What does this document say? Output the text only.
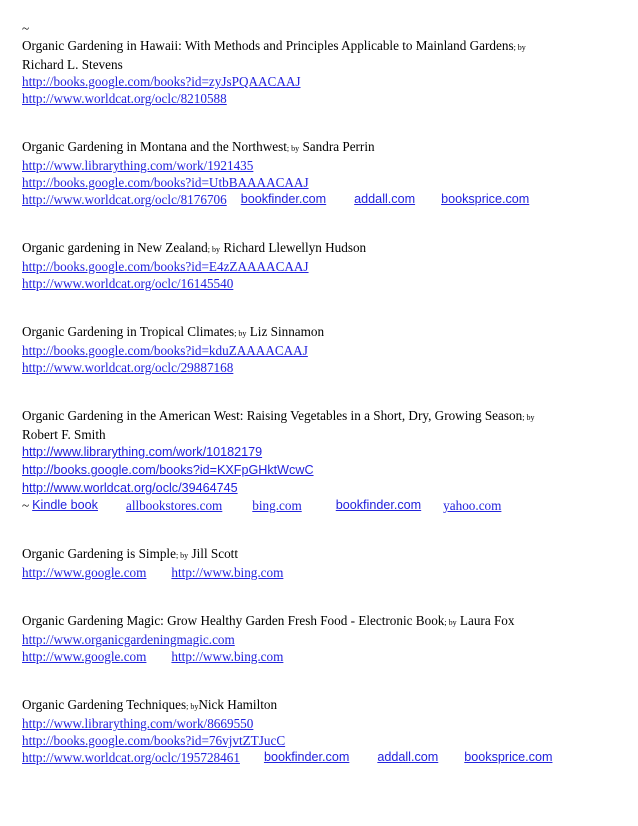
~
Organic Gardening in Hawaii: With Methods and Principles Applicable to Mainland Gardens; by
Richard L. Stevens
http://books.google.com/books?id=zyJsPQAACAAJ
http://www.worldcat.org/oclc/8210588
Organic Gardening in Montana and the Northwest; by Sandra Perrin
http://www.librarything.com/work/1921435
http://books.google.com/books?id=UtbBAAAACAAJ
http://www.worldcat.org/oclc/8176706 bookfinder.com addall.com booksprice.com
Organic gardening in New Zealand; by Richard Llewellyn Hudson
http://books.google.com/books?id=E4zZAAAACAAJ
http://www.worldcat.org/oclc/16145540
Organic Gardening in Tropical Climates; by Liz Sinnamon
http://books.google.com/books?id=kduZAAAACAAJ
http://www.worldcat.org/oclc/29887168
Organic Gardening in the American West: Raising Vegetables in a Short, Dry, Growing Season; by
Robert F. Smith
http://www.librarything.com/work/10182179
http://books.google.com/books?id=KXFpGHktWcwC
http://www.worldcat.org/oclc/39464745
~ Kindle book allbookstores.com bing.com	bookfinder.com yahoo.com
Organic Gardening is Simple; by Jill Scott
http://www.google.com http://www.bing.com
Organic Gardening Magic: Grow Healthy Garden Fresh Food - Electronic Book; by Laura Fox
http://www.organicgardeningmagic.com
http://www.google.com http://www.bing.com
Organic Gardening Techniques; byNick Hamilton
http://www.librarything.com/work/8669550
http://books.google.com/books?id=76vjvtZTJucC
http://www.worldcat.org/oclc/195728461 bookfinder.com addall.com booksprice.com
